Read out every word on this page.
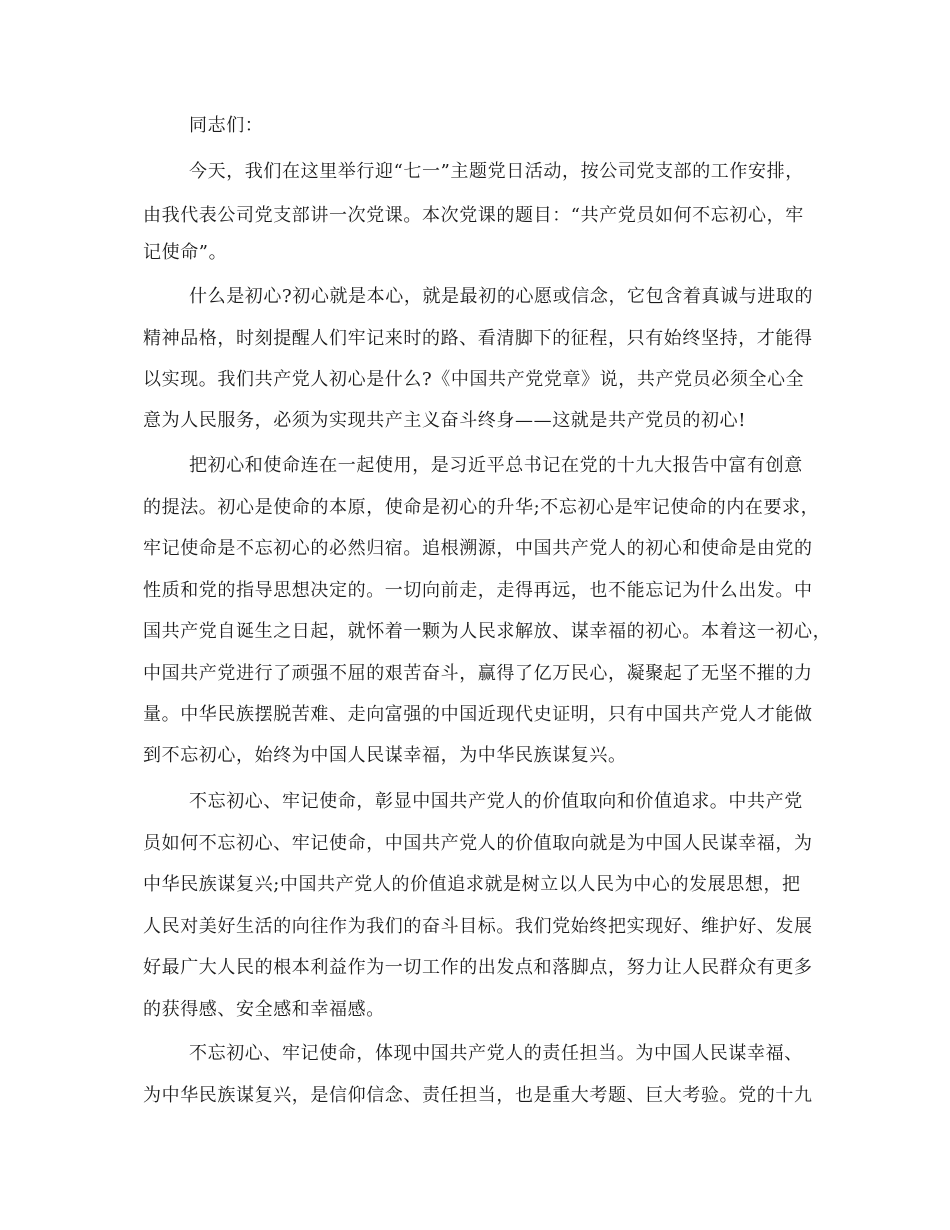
同志们：
今天，我们在这里举行迎“七一”主题党日活动，按公司党支部的工作安排，
由我代表公司党支部讲一次党课。本次党课的题目：“共产党员如何不忘初心，牢
记使命”。
什么是初心?初心就是本心，就是最初的心愿或信念，它包含着真诚与进取的
精神品格，时刻提醒人们牢记来时的路、看清脚下的征程，只有始终坚持，才能得
以实现。我们共产党人初心是什么?《中国共产党党章》说，共产党员必须全心全
意为人民服务，必须为实现共产主义奋斗终身——这就是共产党员的初心!
把初心和使命连在一起使用，是习近平总书记在党的十九大报告中富有创意
的提法。初心是使命的本原，使命是初心的升华;不忘初心是牢记使命的内在要求，
牢记使命是不忘初心的必然归宿。追根溯源，中国共产党人的初心和使命是由党的
性质和党的指导思想决定的。一切向前走，走得再远，也不能忘记为什么出发。中
国共产党自诞生之日起，就怀着一颗为人民求解放、谋幸福的初心。本着这一初心，
中国共产党进行了顽强不屈的艰苦奋斗，赢得了亿万民心，凝聚起了无坚不摧的力
量。中华民族摆脱苦难、走向富强的中国近现代史证明，只有中国共产党人才能做
到不忘初心，始终为中国人民谋幸福，为中华民族谋复兴。
不忘初心、牢记使命，彰显中国共产党人的价值取向和价值追求。中共产党
员如何不忘初心、牢记使命，中国共产党人的价值取向就是为中国人民谋幸福，为
中华民族谋复兴;中国共产党人的价值追求就是树立以人民为中心的发展思想，把
人民对美好生活的向往作为我们的奋斗目标。我们党始终把实现好、维护好、发展
好最广大人民的根本利益作为一切工作的出发点和落脚点，努力让人民群众有更多
的获得感、安全感和幸福感。
不忘初心、牢记使命，体现中国共产党人的责任担当。为中国人民谋幸福、
为中华民族谋复兴，是信仰信念、责任担当，也是重大考题、巨大考验。党的十九
